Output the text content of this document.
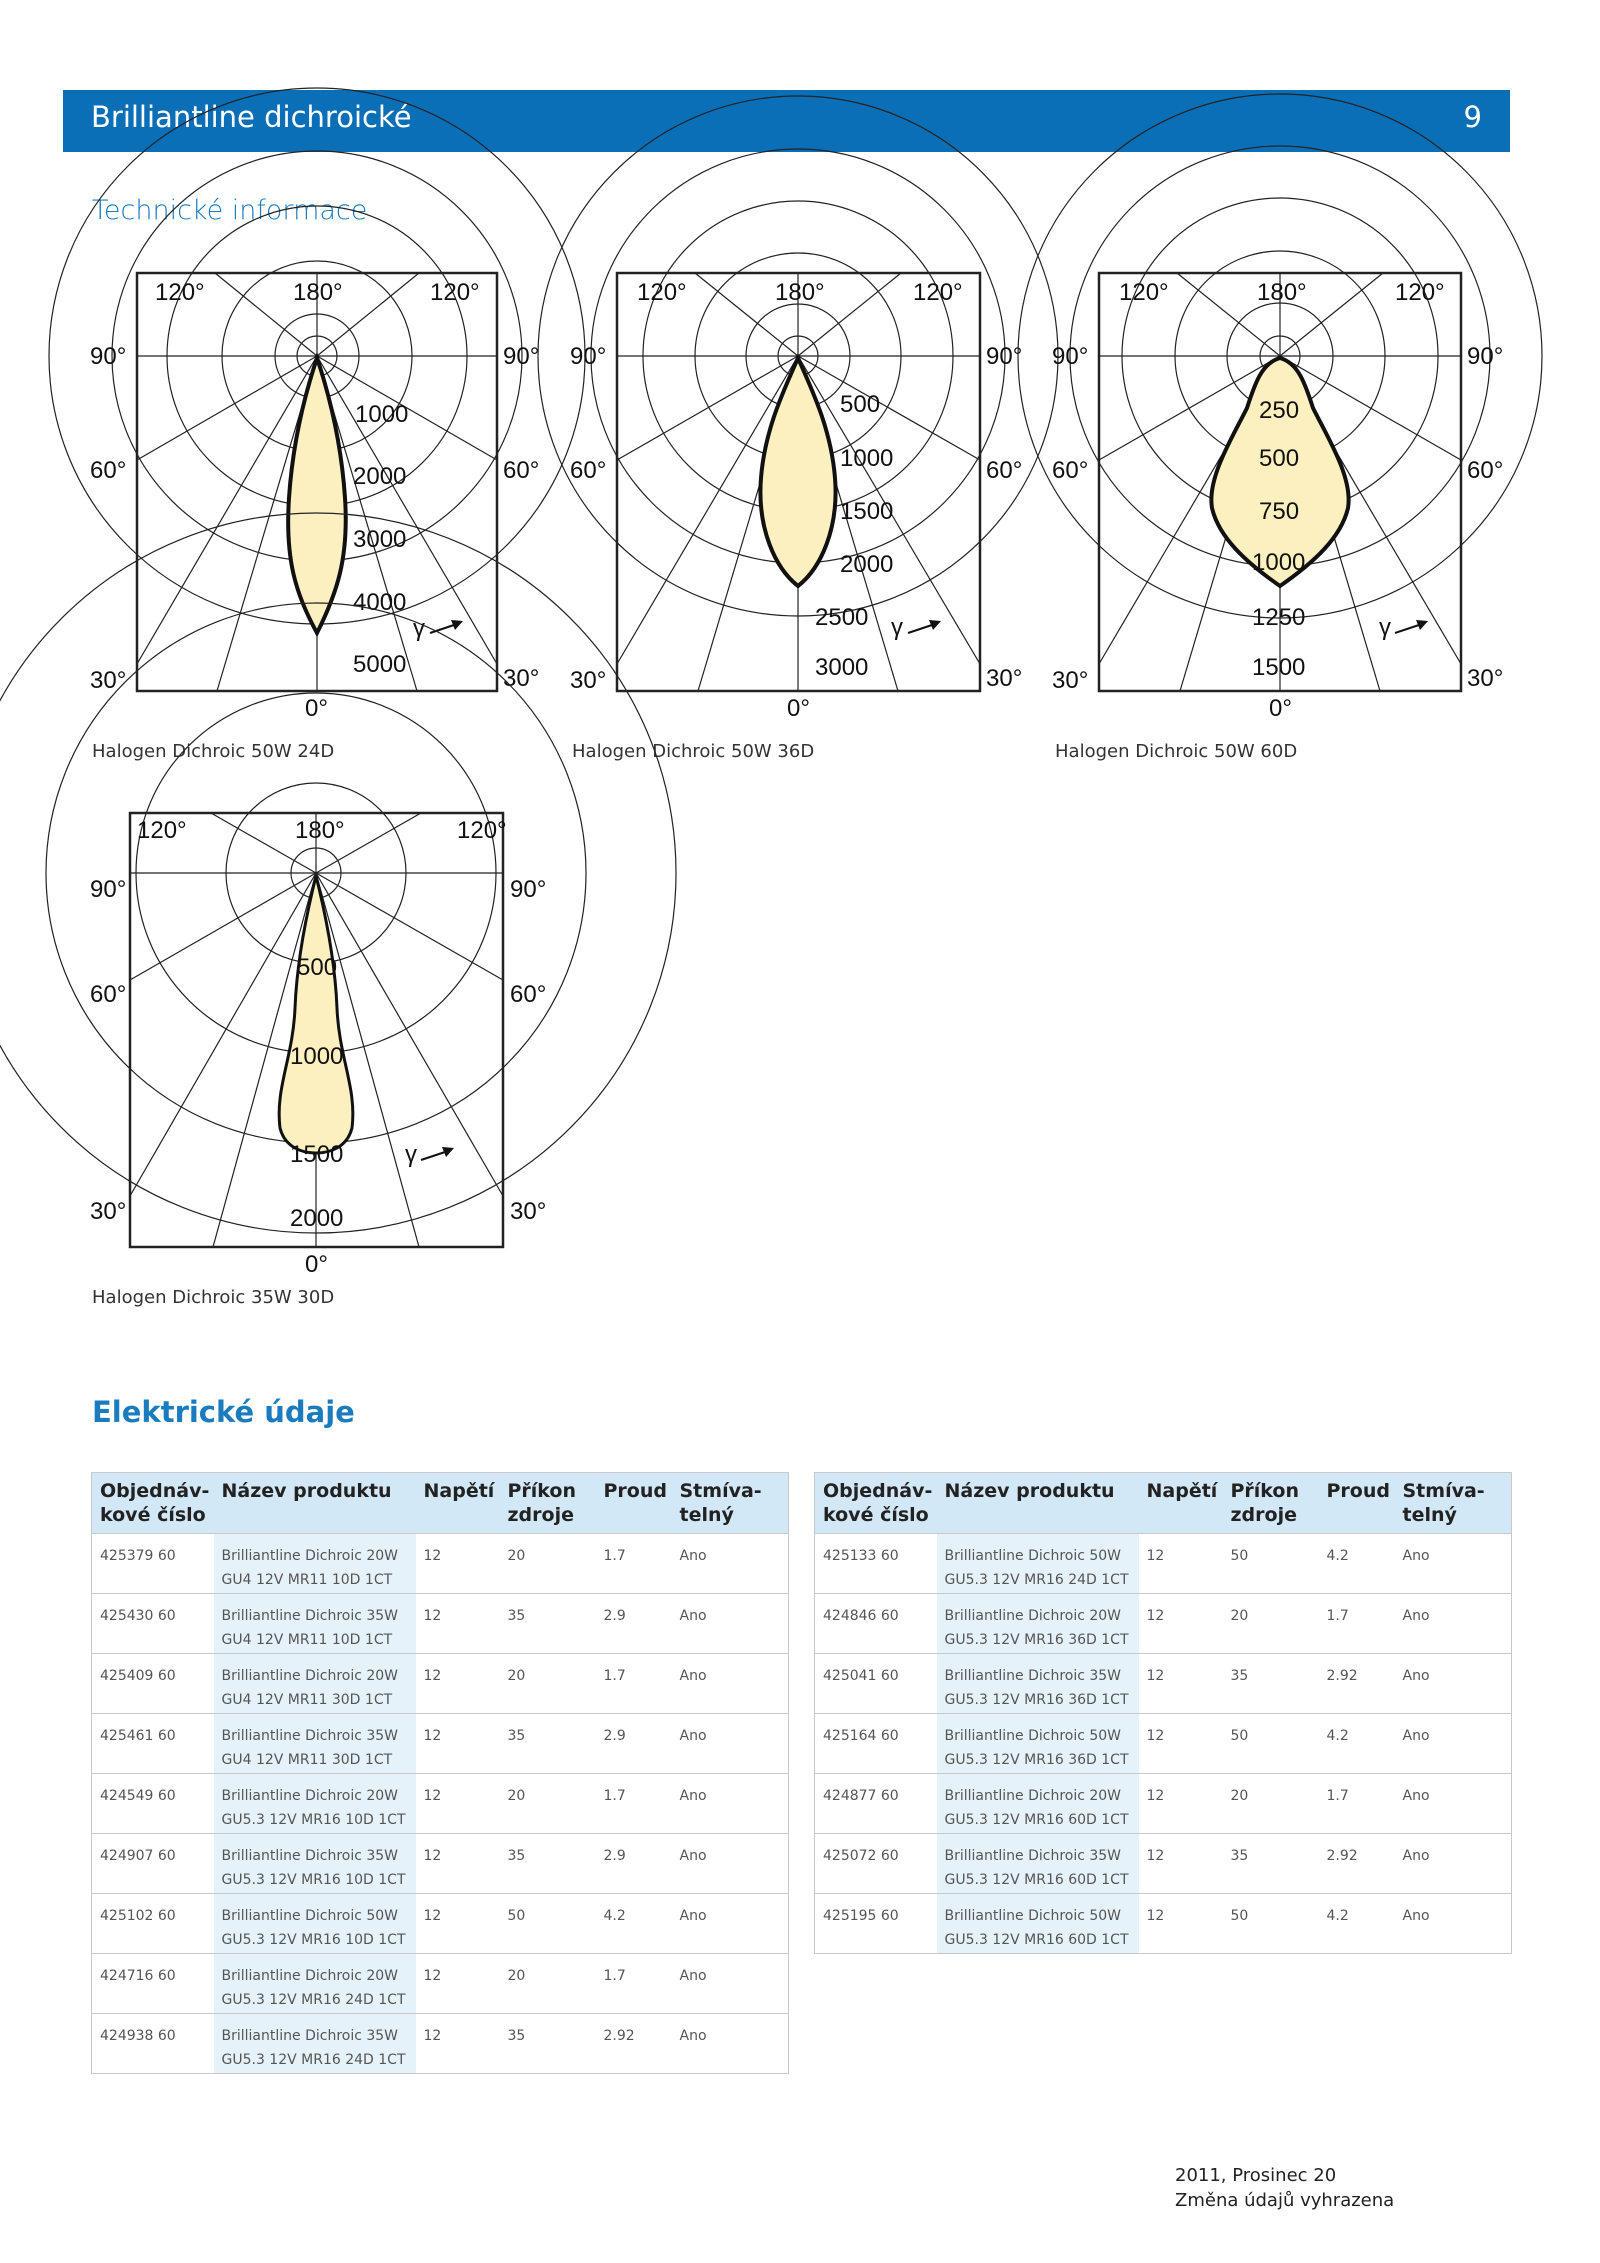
Brilliantline dichroické	9
Technické informace
120°	180°	120°
90°	90°
60°	60°
30°	30°
0°
1000
2000
3000
4000
5000
γ
Halogen Dichroic 50W 24D
120°	180°	120°
90°	90°
60°	60°
30°	30°
0°
500
1000
1500
2000
2500
3000
γ
Halogen Dichroic 50W 36D
120°	180°	120°
90°	90°
60°	60°
30°	30°
0°
250
500
750
1000
1250
1500
γ
Halogen Dichroic 50W 60D
120°	180°	120°
90°	90°
60°	60°
30°	30°
0°
500
1000
1500
2000
γ
Halogen Dichroic 35W 30D
Elektrické údaje
Objednáv-
kové číslo	Název produktu	Napětí	Příkon
zdroje	Proud	Stmíva-
telný
425379 60	Brilliantline Dichroic 20W
GU4 12V MR11 10D 1CT	12	20	1.7	Ano
425430 60	Brilliantline Dichroic 35W
GU4 12V MR11 10D 1CT	12	35	2.9	Ano
425409 60	Brilliantline Dichroic 20W
GU4 12V MR11 30D 1CT	12	20	1.7	Ano
425461 60	Brilliantline Dichroic 35W
GU4 12V MR11 30D 1CT	12	35	2.9	Ano
424549 60	Brilliantline Dichroic 20W
GU5.3 12V MR16 10D 1CT	12	20	1.7	Ano
424907 60	Brilliantline Dichroic 35W
GU5.3 12V MR16 10D 1CT	12	35	2.9	Ano
425102 60	Brilliantline Dichroic 50W
GU5.3 12V MR16 10D 1CT	12	50	4.2	Ano
424716 60	Brilliantline Dichroic 20W
GU5.3 12V MR16 24D 1CT	12	20	1.7	Ano
424938 60	Brilliantline Dichroic 35W
GU5.3 12V MR16 24D 1CT	12	35	2.92	Ano
Objednáv-
kové číslo	Název produktu	Napětí	Příkon
zdroje	Proud	Stmíva-
telný
425133 60	Brilliantline Dichroic 50W
GU5.3 12V MR16 24D 1CT	12	50	4.2	Ano
424846 60	Brilliantline Dichroic 20W
GU5.3 12V MR16 36D 1CT	12	20	1.7	Ano
425041 60	Brilliantline Dichroic 35W
GU5.3 12V MR16 36D 1CT	12	35	2.92	Ano
425164 60	Brilliantline Dichroic 50W
GU5.3 12V MR16 36D 1CT	12	50	4.2	Ano
424877 60	Brilliantline Dichroic 20W
GU5.3 12V MR16 60D 1CT	12	20	1.7	Ano
425072 60	Brilliantline Dichroic 35W
GU5.3 12V MR16 60D 1CT	12	35	2.92	Ano
425195 60	Brilliantline Dichroic 50W
GU5.3 12V MR16 60D 1CT	12	50	4.2	Ano
2011, Prosinec 20
Změna údajů vyhrazena
